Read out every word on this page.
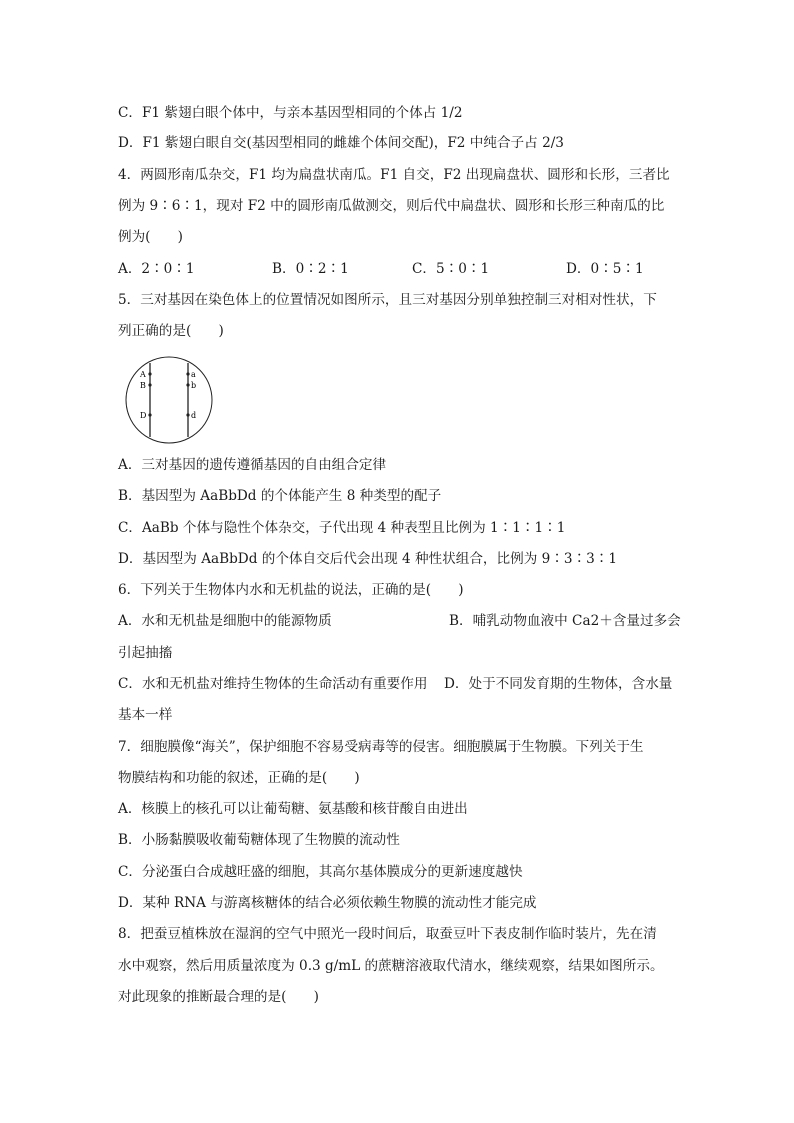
C．F1 紫翅白眼个体中，与亲本基因型相同的个体占 1/2
D．F1 紫翅白眼自交(基因型相同的雌雄个体间交配)，F2 中纯合子占 2/3
4．两圆形南瓜杂交，F1 均为扁盘状南瓜。F1 自交，F2 出现扁盘状、圆形和长形，三者比
例为 9∶6∶1，现对 F2 中的圆形南瓜做测交，则后代中扁盘状、圆形和长形三种南瓜的比
例为(　　)
A．2∶0∶1	B．0∶2∶1	C．5∶0∶1	D．0∶5∶1
5．三对基因在染色体上的位置情况如图所示，且三对基因分别单独控制三对相对性状，下
列正确的是(　　)
A
B
D
a
b
d
A．三对基因的遗传遵循基因的自由组合定律
B．基因型为 AaBbDd 的个体能产生 8 种类型的配子
C．AaBb 个体与隐性个体杂交，子代出现 4 种表型且比例为 1∶1∶1∶1
D．基因型为 AaBbDd 的个体自交后代会出现 4 种性状组合，比例为 9∶3∶3∶1
6．下列关于生物体内水和无机盐的说法，正确的是(　　)
A．水和无机盐是细胞中的能源物质	B．哺乳动物血液中 Ca2＋含量过多会
引起抽搐
C．水和无机盐对维持生物体的生命活动有重要作用 D．处于不同发育期的生物体，含水量
基本一样
7．细胞膜像“海关”，保护细胞不容易受病毒等的侵害。细胞膜属于生物膜。下列关于生
物膜结构和功能的叙述，正确的是(　　)
A．核膜上的核孔可以让葡萄糖、氨基酸和核苷酸自由进出
B．小肠黏膜吸收葡萄糖体现了生物膜的流动性
C．分泌蛋白合成越旺盛的细胞，其高尔基体膜成分的更新速度越快
D．某种 RNA 与游离核糖体的结合必须依赖生物膜的流动性才能完成
8．把蚕豆植株放在湿润的空气中照光一段时间后，取蚕豆叶下表皮制作临时装片，先在清
水中观察，然后用质量浓度为 0.3 g/mL 的蔗糖溶液取代清水，继续观察，结果如图所示。
对此现象的推断最合理的是(　　)
